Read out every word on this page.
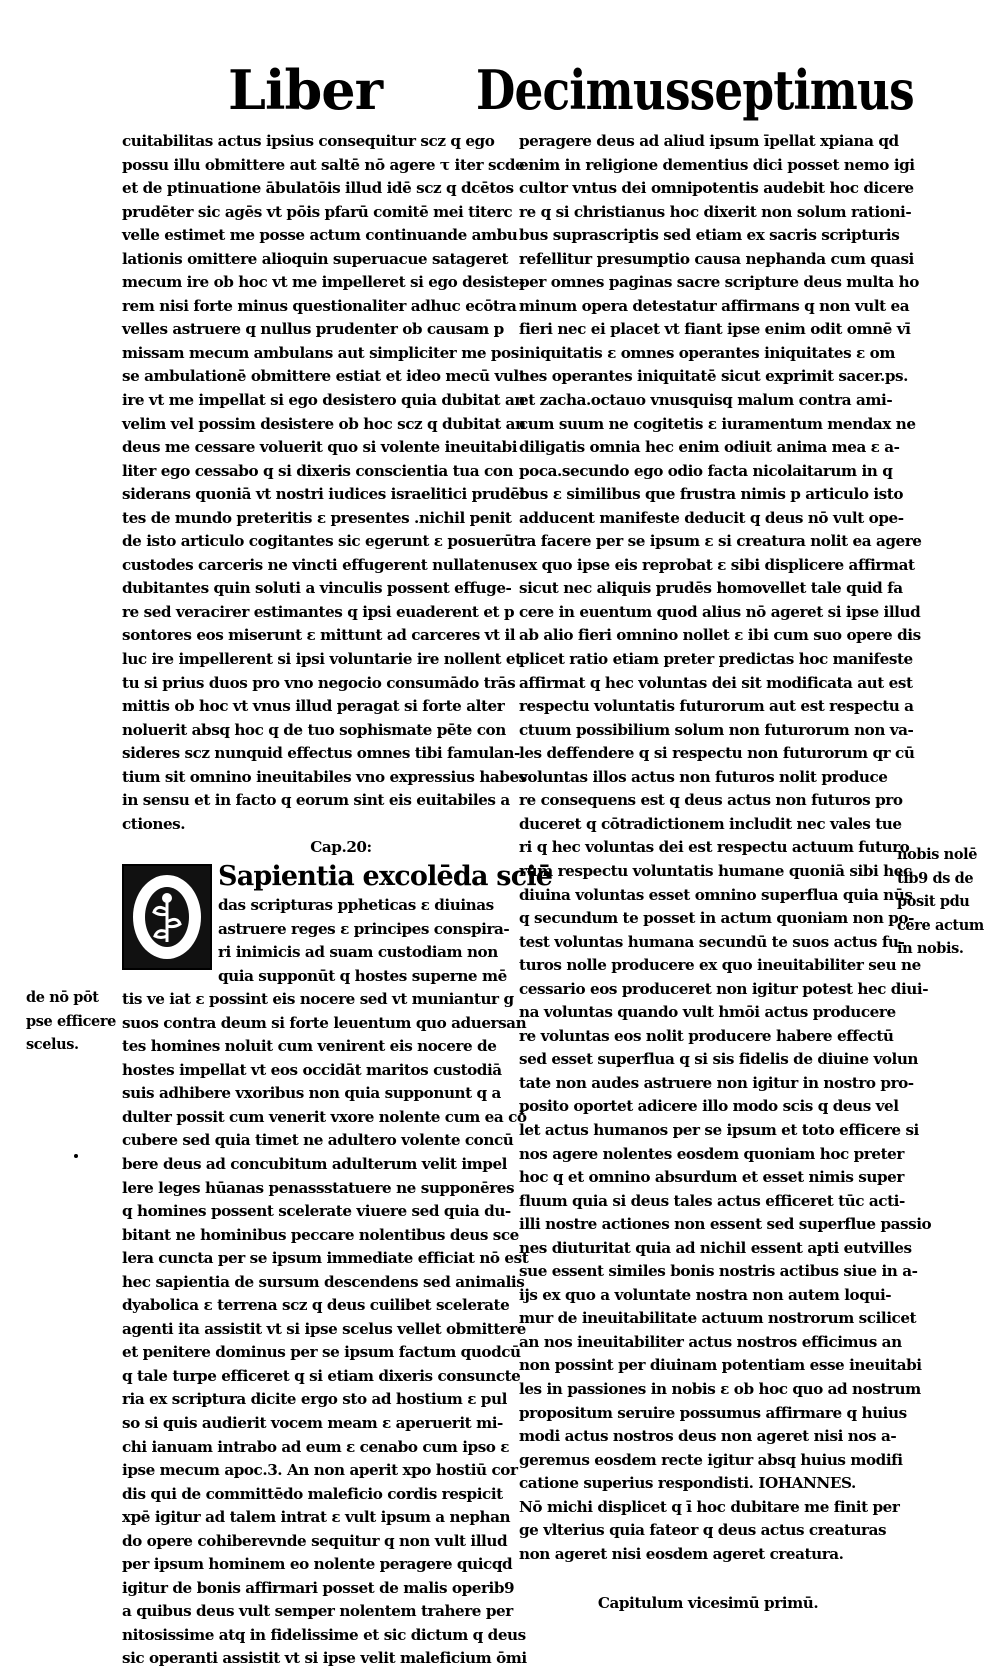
Liber Decimusseptimus
cuitabilitas actus ipsius consequitur scz q ego
possu illu obmittere aut saltē nō agere τ iter scde
et de ptinuatione ābulatōis illud idē scz q dcētos
prudēter sic agēs vt pōis pfarū comitē mei titerc
velle estimet me posse actum continuande ambu
lationis omittere alioquin superuacue satageret
mecum ire ob hoc vt me impelleret si ego desiste-
rem nisi forte minus questionaliter adhuc ecōtra
velles astruere q nullus prudenter ob causam p
missam mecum ambulans aut simpliciter me pos
se ambulationē obmittere estiat et ideo mecū vult
ire vt me impellat si ego desistero quia dubitat an
velim vel possim desistere ob hoc scz q dubitat an
deus me cessare voluerit quo si volente ineuitabi
liter ego cessabo q si dixeris conscientia tua con
siderans quoniā vt nostri iudices israelitici prudēt
tes de mundo preteritis ε presentes .nichil penit
de isto articulo cogitantes sic egerunt ε posuerūt
custodes carceris ne vincti effugerent nullatenus
dubitantes quin soluti a vinculis possent effuge-
re sed veracirer estimantes q ipsi euaderent et p
sontores eos miserunt ε mittunt ad carceres vt il
luc ire impellerent si ipsi voluntarie ire nollent et
tu si prius duos pro vno negocio consumādo trās
mittis ob hoc vt vnus illud peragat si forte alter
noluerit absq hoc q de tuo sophismate pēte con
sideres scz nunquid effectus omnes tibi famulan-
tium sit omnino ineuitabiles vno expressius habes
in sensu et in facto q eorum sint eis euitabiles a
ctiones.
Cap.20:
Sapientia excolēda sciē
das scripturas ppheticas ε diuinas
astruere reges ε principes conspira-
ri inimicis ad suam custodiam non
quia supponūt q hostes superne mē
tis ve iat ε possint eis nocere sed vt muniantur g
suos contra deum si forte leuentum quo aduersan
tes homines noluit cum venirent eis nocere de
hostes impellat vt eos occidāt maritos custodiā
suis adhibere vxoribus non quia supponunt q a
dulter possit cum venerit vxore nolente cum ea cō
cubere sed quia timet ne adultero volente concū
bere deus ad concubitum adulterum velit impel
lere leges hūanas penassstatuere ne supponēres
q homines possent scelerate viuere sed quia du-
bitant ne hominibus peccare nolentibus deus sce
lera cuncta per se ipsum immediate efficiat nō est
hec sapientia de sursum descendens sed animalis
dyabolica ε terrena scz q deus cuilibet scelerate
agenti ita assistit vt si ipse scelus vellet obmittere
et penitere dominus per se ipsum factum quodcū
q tale turpe efficeret q si etiam dixeris consuncte
ria ex scriptura dicite ergo sto ad hostium ε pul
so si quis audierit vocem meam ε aperuerit mi-
chi ianuam intrabo ad eum ε cenabo cum ipso ε
ipse mecum apoc.3. An non aperit xpo hostiū cor
dis qui de committēdo maleficio cordis respicit
xpē igitur ad talem intrat ε vult ipsum a nephan
do opere cohiberevnde sequitur q non vult illud
per ipsum hominem eo nolente peragere quicqd
igitur de bonis affirmari posset de malis operib9
a quibus deus vult semper nolentem trahere per
nitosissime atq in fidelissime et sic dictum q deus
sic operanti assistit vt si ipse velit maleficium ōmi
peragere deus ad aliud ipsum īpellat xpiana qd
enim in religione dementius dici posset nemo igi
cultor vntus dei omnipotentis audebit hoc dicere
re q si christianus hoc dixerit non solum rationi-
bus suprascriptis sed etiam ex sacris scripturis
refellitur presumptio causa nephanda cum quasi
per omnes paginas sacre scripture deus multa ho
minum opera detestatur affirmans q non vult ea
fieri nec ei placet vt fiant ipse enim odit omnē vī
iniquitatis ε omnes operantes iniquitates ε om
nes operantes iniquitatē sicut exprimit sacer.ps.
et zacha.octauo vnusquisq malum contra ami-
cum suum ne cogitetis ε iuramentum mendax ne
diligatis omnia hec enim odiuit anima mea ε a-
poca.secundo ego odio facta nicolaitarum in q
bus ε similibus que frustra nimis p articulo isto
adducent manifeste deducit q deus nō vult ope-
ra facere per se ipsum ε si creatura nolit ea agere
ex quo ipse eis reprobat ε sibi displicere affirmat
sicut nec aliquis prudēs homovellet tale quid fa
cere in euentum quod alius nō ageret si ipse illud
ab alio fieri omnino nollet ε ibi cum suo opere dis
plicet ratio etiam preter predictas hoc manifeste
affirmat q hec voluntas dei sit modificata aut est
respectu voluntatis futurorum aut est respectu a
ctuum possibilium solum non futurorum non va-
les deffendere q si respectu non futurorum qr cū
voluntas illos actus non futuros nolit produce
re consequens est q deus actus non futuros pro
duceret q cōtradictionem includit nec vales tue
ri q hec voluntas dei est respectu actuum futuro
rum respectu voluntatis humane quoniā sibi hec
diuina voluntas esset omnino superflua quia nūs
q secundum te posset in actum quoniam non po-
test voluntas humana secundū te suos actus fu-
turos nolle producere ex quo ineuitabiliter seu ne
cessario eos produceret non igitur potest hec diui-
na voluntas quando vult hmōi actus producere
re voluntas eos nolit producere habere effectū
sed esset superflua q si sis fidelis de diuine volun
tate non audes astruere non igitur in nostro pro-
posito oportet adicere illo modo scis q deus vel
let actus humanos per se ipsum et toto efficere si
nos agere nolentes eosdem quoniam hoc preter
hoc q et omnino absurdum et esset nimis super
fluum quia si deus tales actus efficeret tūc acti-
illi nostre actiones non essent sed superflue passio
nes diuturitat quia ad nichil essent apti eutvilles
sue essent similes bonis nostris actibus siue in a-
ijs ex quo a voluntate nostra non autem loqui-
mur de ineuitabilitate actuum nostrorum scilicet
an nos ineuitabiliter actus nostros efficimus an
non possint per diuinam potentiam esse ineuitabi
les in passiones in nobis ε ob hoc quo ad nostrum
propositum seruire possumus affirmare q huius
modi actus nostros deus non ageret nisi nos a-
geremus eosdem recte igitur absq huius modifi
catione superius respondisti. IOHANNES.
Nō michi displicet q ī hoc dubitare me finit per
ge vlterius quia fateor q deus actus creaturas
non ageret nisi eosdem ageret creatura.
Capitulum vicesimū primū.
de nō pōt
pse efficere
scelus.
nobis nolē
tib9 ds de
posit pdu
cere actum
in nobis.
